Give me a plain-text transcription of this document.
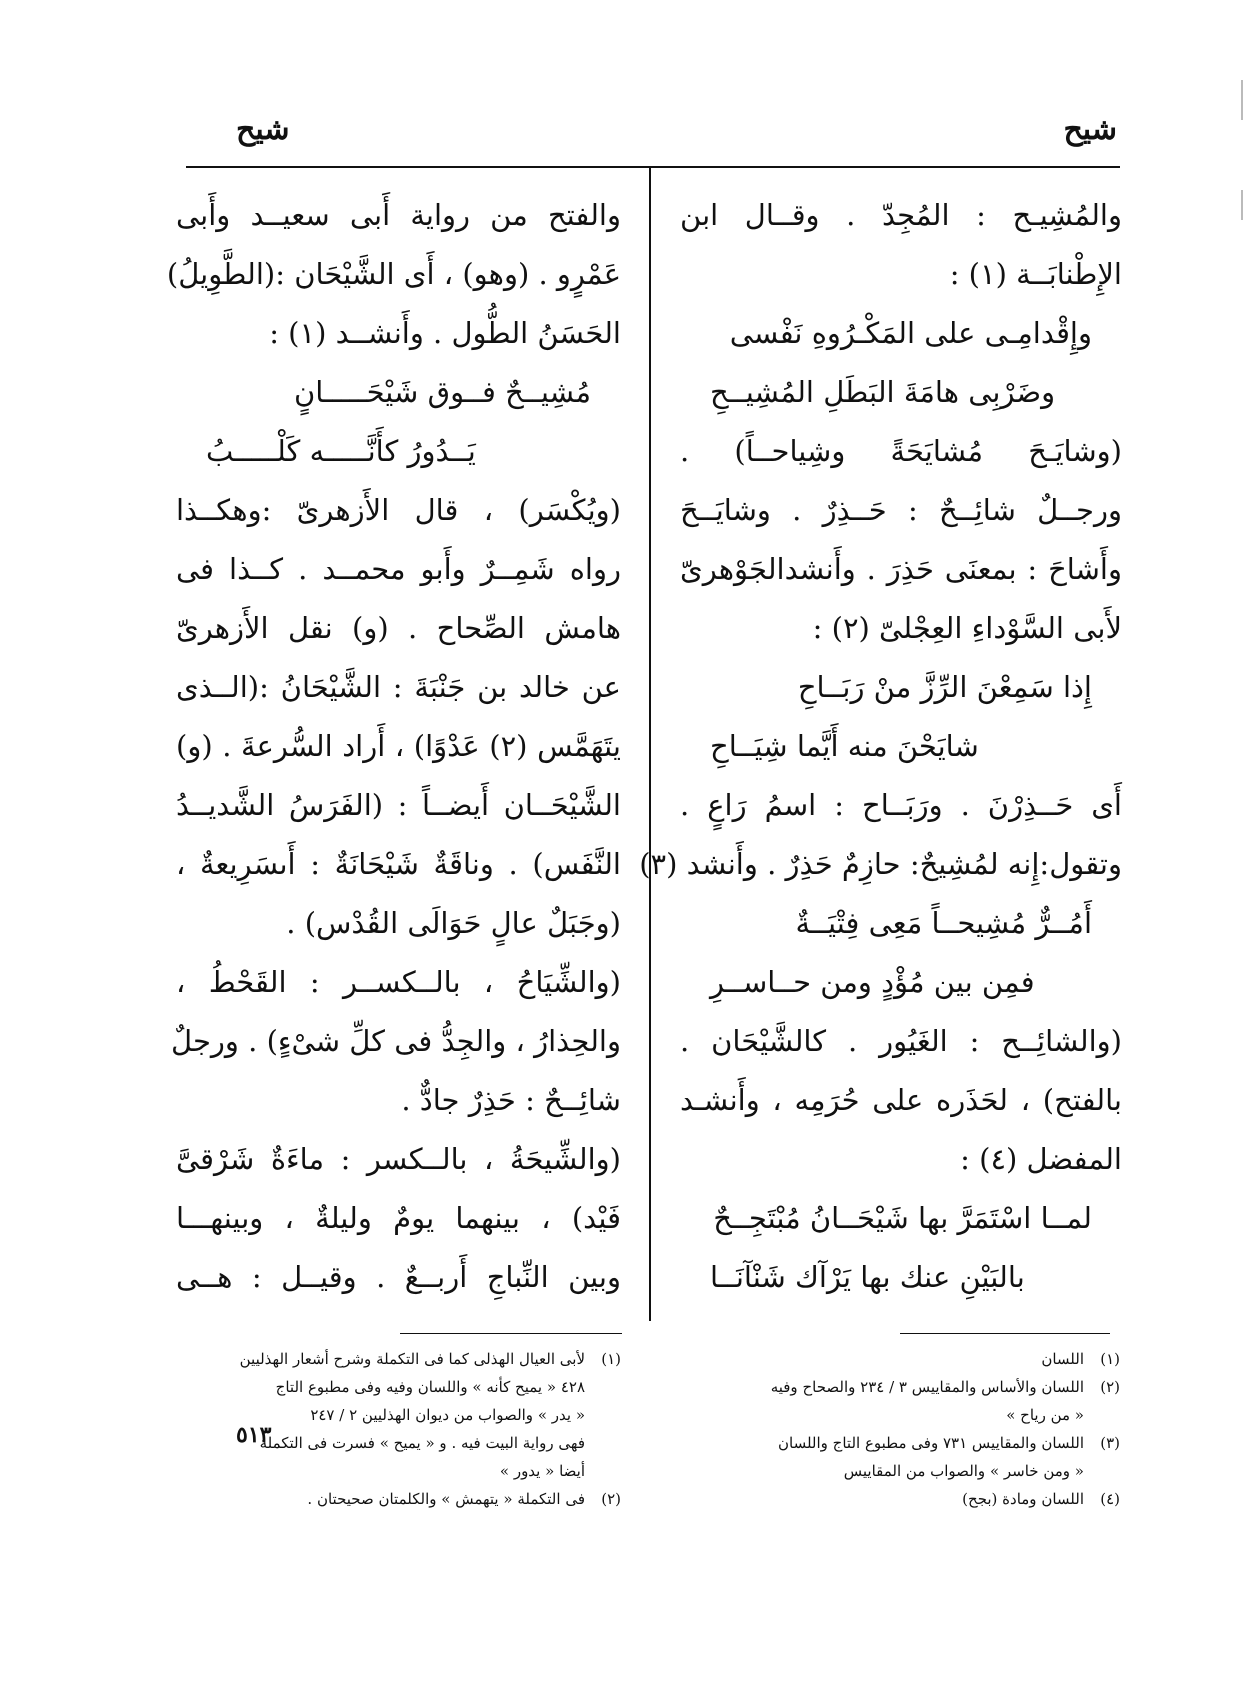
شيح
شيح
والمُشِيـح : المُجِدّ . وقــال ابن
الإِطْنابَــة (١) :
وإِقْدامِـى على المَكْـرُوهِ نَفْسى
وضَرْبِى هامَةَ البَطَلِ المُشِيــحِ
(وشايَـحَ مُشايَحَةً وشِياحــاً) .
ورجــلٌ شائِــحٌ : حَــذِرٌ . وشايَــحَ
وأَشاحَ : بمعنَى حَذِرَ . وأَنشدالجَوْهرىّ
لأَبى السَّوْداءِ العِجْلىّ (٢) :
إِذا سَمِعْنَ الرِّزَّ منْ رَبَــاحِ
شايَحْنَ منه أَيَّما شِيَــاحِ
أَى حَــذِرْنَ . ورَبَــاح : اسمُ رَاعٍ .
وتقول:إِنه لمُشِيحٌ: حازِمٌ حَذِرٌ . وأَنشد (٣)
أَمُــرٌّ مُشِيحــاً مَعِى فِتْيَــةٌ
فمِن بين مُؤْدٍ ومن حــاســرِ
(والشائِــح : الغَيُور . كالشَّيْحَان .
بالفتح) ، لحَذَره على حُرَمِه ، وأَنشـد
المفضل (٤) :
لمــا اسْتَمَرَّ بها شَيْحَــانُ مُبْتَجِــحٌ
بالبَيْنِ عنك بها يَرْآك شَنْآنَــا
والفتح من رواية أَبى سعيــد وأَبى
عَمْرٍو . (وهو) ، أَى الشَّيْحَان :(الطَّوِيلُ)
الحَسَنُ الطُّول . وأَنشــد (١) :
مُشِيــحٌ فــوق شَيْحَـــــانٍ
يَــدُورُ كأَنَّـــــه كَلْـــــبُ
(ويُكْسَر) ، قال الأَزهرىّ :وهكــذا
رواه شَمِــرٌ وأَبو محمــد . كــذا فى
هامش الصِّحاح . (و) نقل الأَزهرىّ
عن خالد بن جَنْبَةَ : الشَّيْحَانُ :(الــذى
يتَهَمَّس (٢) عَدْوًا) ، أَراد السُّرعةَ . (و)
الشَّيْحَــان أَيضــاً : (الفَرَسُ الشَّديــدُ
النَّفَس) . وناقَةٌ شَيْحَانَةٌ : أَىسَرِيعةٌ ،
(وجَبَلٌ عالٍ حَوَالَى القُدْس) .
(والشِّيَاحُ ، بالــكســر : القَحْطُ ،
والحِذارُ ، والجِدُّ فى كلِّ شىْءٍ) . ورجلٌ
شائِــحٌ : حَذِرٌ جادٌّ .
(والشِّيحَةُ ، بالــكسر : ماءَةٌ شَرْقىَّ
فَيْد) ، بينهما يومٌ وليلةٌ ، وبينهـــا
وبين النِّباجِ أَربــعٌ . وقيــل : هــى
(١)اللسان
(٢)اللسان والأساس والمقاييس ٣ / ٢٣٤ والصحاح وفيه
« من رياح »
(٣)اللسان والمقاييس ٧٣١ وفى مطبوع التاج واللسان
« ومن خاسر » والصواب من المقاييس
(٤)اللسان ومادة (بجح)
(١)لأبى العيال الهذلى كما فى التكملة وشرح أشعار الهذليين
٤٢٨ « يميح كأنه » واللسان وفيه وفى مطبوع التاج
« يدر » والصواب من ديوان الهذليين ٢ / ٢٤٧
فهى رواية البيت فيه . و « يميح » فسرت فى التكملة
أيضا « يدور »
(٢)فى التكملة « يتهمش » والكلمتان صحيحتان .
٥١٣
